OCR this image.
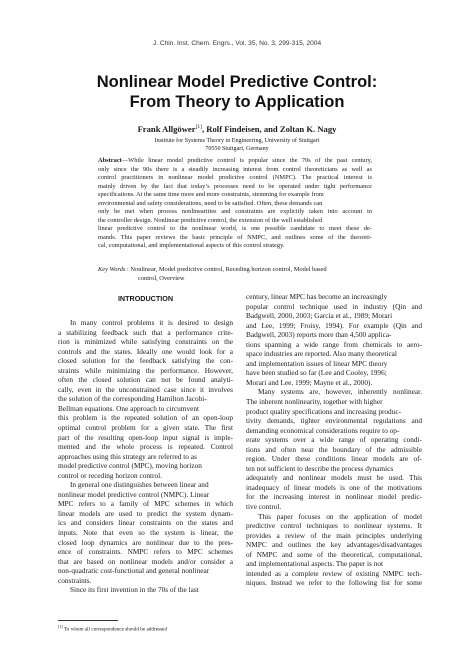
J. Chin. Inst. Chem. Engrs., Vol. 35, No. 3, 299-315, 2004
Nonlinear Model Predictive Control:
From Theory to Application
Frank Allgöwer[1], Rolf Findeisen, and Zoltan K. Nagy
Institute for Systems Theory in Engineering, University of Stuttgart
70550 Stuttgart, Germany
Abstract—While linear model predictive control is popular since the 70s of the past century,
only since the 90s there is a steadily increasing interest from control theoreticians as well as
control practitioners in nonlinear model predictive control (NMPC). The practical interest is
mainly driven by the fact that today’s processes need to be operated under tight performance
specifications. At the same time more and more constraints, stemming for example from
environmental and safety considerations, need to be satisfied. Often, these demands can
only be met when process nonlinearities and constraints are explicitly taken into account in
the controller design. Nonlinear predictive control, the extension of the well established
linear predictive control to the nonlinear world, is one possible candidate to meet these de-
mands. This paper reviews the basic principle of NMPC, and outlines some of the theoreti-
cal, computational, and implementational aspects of this control strategy.
Key Words : Nonlinear, Model predictive control, Receding horizon control, Model based
control, Overview
INTRODUCTION
In many control problems it is desired to design
a stabilizing feedback such that a performance crite-
rion is minimized while satisfying constraints on the
controls and the states. Ideally one would look for a
closed solution for the feedback satisfying the con-
straints while minimizing the performance. However,
often the closed solution can not be found analyti-
cally, even in the unconstrained case since it involves
the solution of the corresponding Hamilton Jacobi-
Bellman equations. One approach to circumvent
this problem is the repeated solution of an open-loop
optimal control problem for a given state. The first
part of the resulting open-loop input signal is imple-
mented and the whole process is repeated. Control
approaches using this strategy are referred to as
model predictive control (MPC), moving horizon
control or receding horizon control.
In general one distinguishes between linear and
nonlinear model predictive control (NMPC). Linear
MPC refers to a family of MPC schemes in which
linear models are used to predict the system dynam-
ics and considers linear constraints on the states and
inputs. Note that even so the system is linear, the
closed loop dynamics are nonlinear due to the pres-
ence of constraints. NMPC refers to MPC schemes
that are based on nonlinear models and/or consider a
non-quadratic cost-functional and general nonlinear
constraints.
Since its first invention in the 70s of the last
century, linear MPC has become an increasingly
popular control technique used in industry (Qin and
Badgwell, 2000, 2003; García et al., 1989; Morari
and Lee, 1999; Froisy, 1994). For example (Qin and
Badgwell, 2003) reports more than 4,500 applica-
tions spanning a wide range from chemicals to aero-
space industries are reported. Also many theoretical
and implementation issues of linear MPC theory
have been studied so far (Lee and Cooley, 1996;
Morari and Lee, 1999; Mayne et al., 2000).
Many systems are, however, inherently nonlinear.
The inherent nonlinearity, together with higher
product quality specifications and increasing produc-
tivity demands, tighter environmental regulations and
demanding economical considerations require to op-
erate systems over a wide range of operating condi-
tions and often near the boundary of the admissible
region. Under these conditions linear models are of-
ten not sufficient to describe the process dynamics
adequately and nonlinear models must be used. This
inadequacy of linear models is one of the motivations
for the increasing interest in nonlinear model predic-
tive control.
This paper focuses on the application of model
predictive control techniques to nonlinear systems. It
provides a review of the main principles underlying
NMPC and outlines the key advantages/disadvantages
of NMPC and some of the theoretical, computational,
and implementational aspects. The paper is not
intended as a complete review of existing NMPC tech-
niques. Instead we refer to the following list for some
[1] To whom all correspondence should be addressed
